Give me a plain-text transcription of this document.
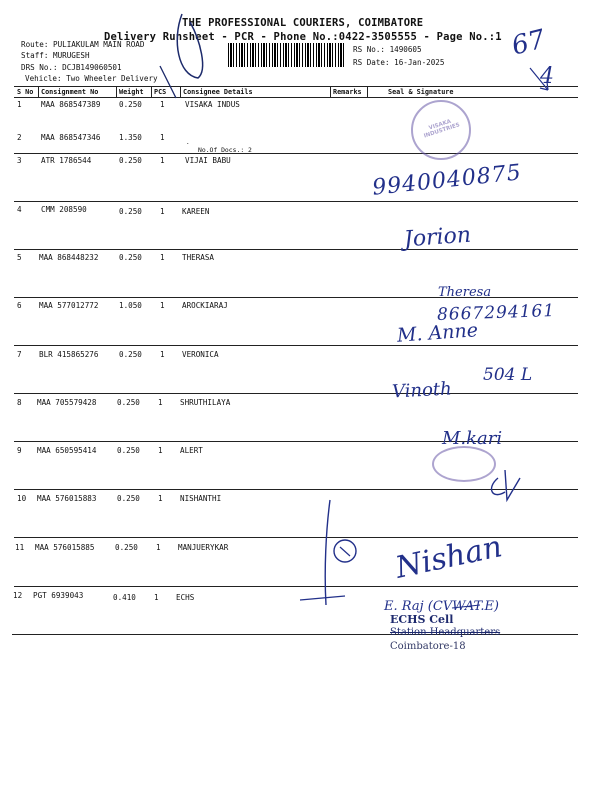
THE PROFESSIONAL COURIERS, COIMBATORE
Delivery Runsheet - PCR - Phone No.:0422-3505555 - Page No.:1
Route: PULIAKULAM MAIN ROAD
Staff: MURUGESH
DRS No.: DCJB149060501
Vehicle: Two Wheeler Delivery
RS No.: 1490605
RS Date: 16-Jan-2025
S No Consignment No	Weight PCS Consignee Details	Remarks	Seal & Signature
1	MAA 868547389 0.250 1	VISAKA INDUS
2	MAA 868547346 1.350 1
.
No.Of Docs.: 2
3	ATR 1786544	0.250 1	VIJAI BABU
4	CMM 208590	0.250 1 KAREEN
5 MAA 868448232	0.250 1 THERASA
6 MAA 577012772	1.050 1 AROCKIARAJ
7 BLR 415865276	0.250 1 VERONICA
8 MAA 705579428	0.250 1 SHRUTHILAYA
9 MAA 650595414	0.250 1 ALERT
10 MAA 576015883	0.250 1 NISHANTHI
11 MAA 576015885	0.250 1 MANJUERYKAR
12 PGT 6939043	0.410 1 ECHS
67
4
VISAKA INDUSTRIES
9940040875
Jorion
Theresa
8667294161
M. Anne
504 L
Vinoth
M.kari
Nishan
E. Raj (CVWAT.E)
ECHS Cell
Station Headquarters
Coimbatore-18
